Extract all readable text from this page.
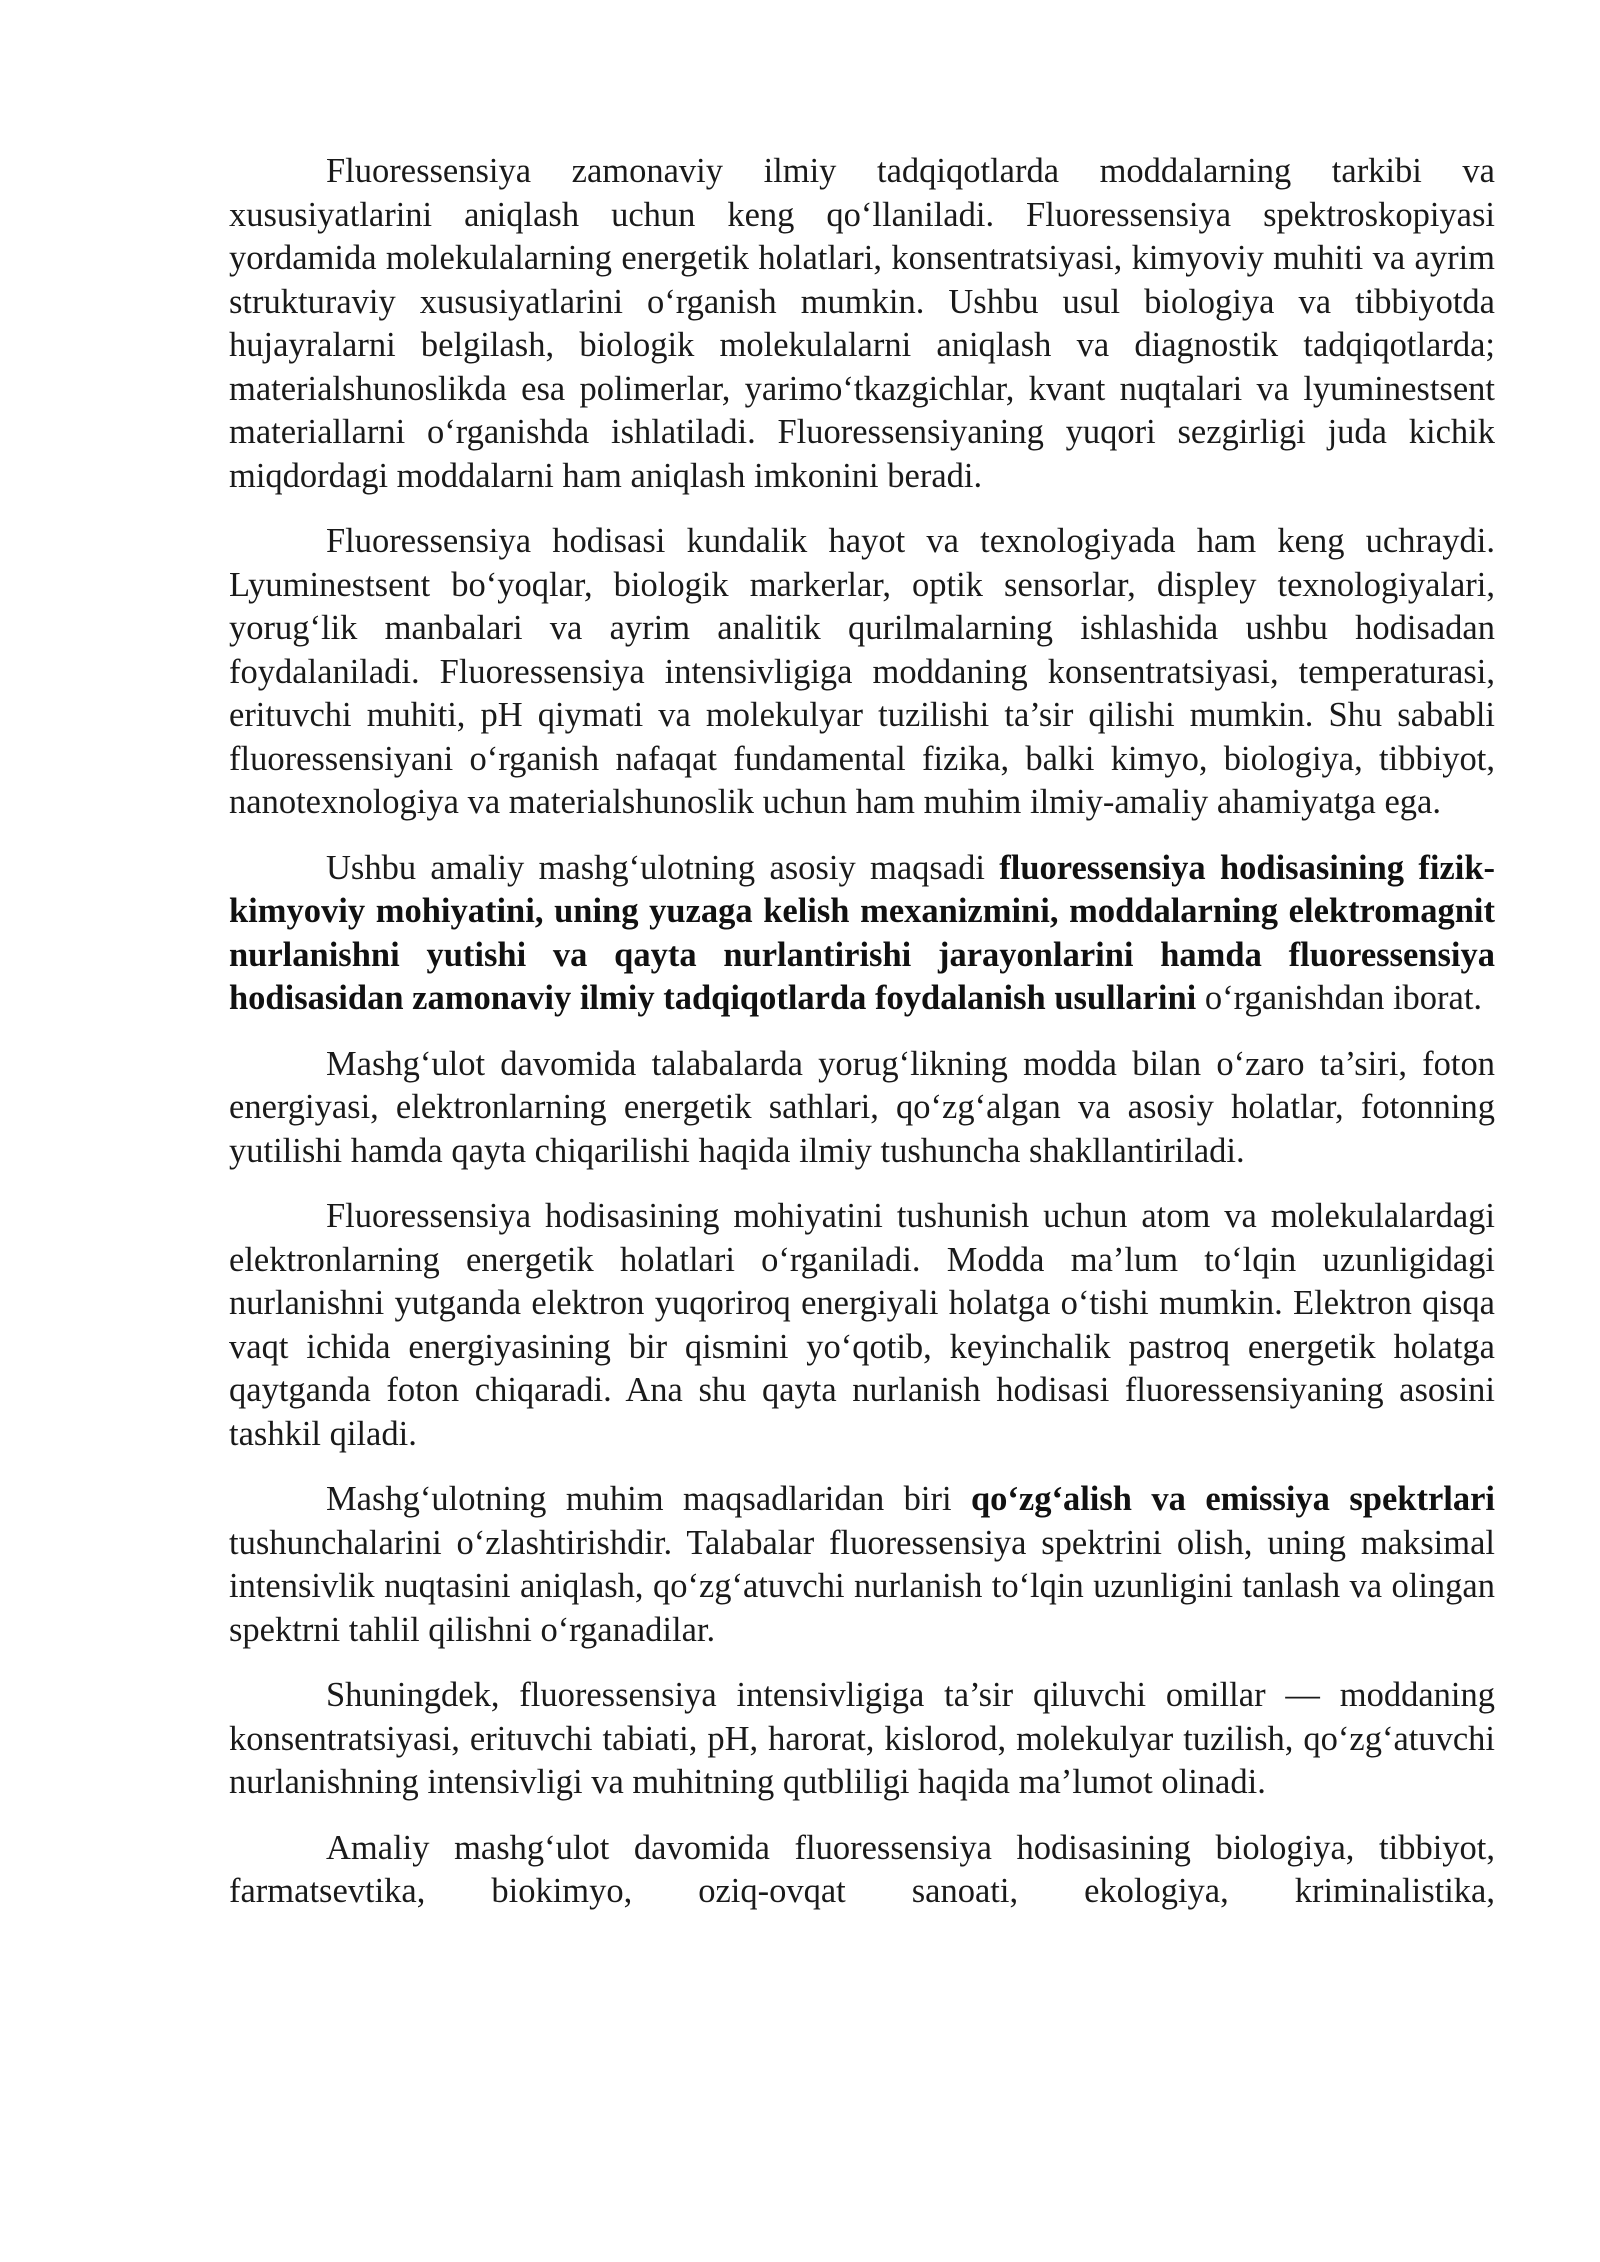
Fluoressensiya zamonaviy ilmiy tadqiqotlarda moddalarning tarkibi va xususiyatlarini aniqlash uchun keng qo‘llaniladi. Fluoressensiya spektroskopiyasi yordamida molekulalarning energetik holatlari, konsentratsiyasi, kimyoviy muhiti va ayrim strukturaviy xususiyatlarini o‘rganish mumkin. Ushbu usul biologiya va tibbiyotda hujayralarni belgilash, biologik molekulalarni aniqlash va diagnostik tadqiqotlarda; materialshunoslikda esa polimerlar, yarimo‘tkazgichlar, kvant nuqtalari va lyuminestsent materiallarni o‘rganishda ishlatiladi. Fluoressensiyaning yuqori sezgirligi juda kichik miqdordagi moddalarni ham aniqlash imkonini beradi.

Fluoressensiya hodisasi kundalik hayot va texnologiyada ham keng uchraydi. Lyuminestsent bo‘yoqlar, biologik markerlar, optik sensorlar, displey texnologiyalari, yorug‘lik manbalari va ayrim analitik qurilmalarning ishlashida ushbu hodisadan foydalaniladi. Fluoressensiya intensivligiga moddaning konsentratsiyasi, temperaturasi, erituvchi muhiti, pH qiymati va molekulyar tuzilishi ta’sir qilishi mumkin. Shu sababli fluoressensiyani o‘rganish nafaqat fundamental fizika, balki kimyo, biologiya, tibbiyot, nanotexnologiya va materialshunoslik uchun ham muhim ilmiy-amaliy ahamiyatga ega.

Ushbu amaliy mashg‘ulotning asosiy maqsadi fluoressensiya hodisasining fizik-kimyoviy mohiyatini, uning yuzaga kelish mexanizmini, moddalarning elektromagnit nurlanishni yutishi va qayta nurlantirishi jarayonlarini hamda fluoressensiya hodisasidan zamonaviy ilmiy tadqiqotlarda foydalanish usullarini o‘rganishdan iborat.

Mashg‘ulot davomida talabalarda yorug‘likning modda bilan o‘zaro ta’siri, foton energiyasi, elektronlarning energetik sathlari, qo‘zg‘algan va asosiy holatlar, fotonning yutilishi hamda qayta chiqarilishi haqida ilmiy tushuncha shakllantiriladi.

Fluoressensiya hodisasining mohiyatini tushunish uchun atom va molekulalardagi elektronlarning energetik holatlari o‘rganiladi. Modda ma’lum to‘lqin uzunligidagi nurlanishni yutganda elektron yuqoriroq energiyali holatga o‘tishi mumkin. Elektron qisqa vaqt ichida energiyasining bir qismini yo‘qotib, keyinchalik pastroq energetik holatga qaytganda foton chiqaradi. Ana shu qayta nurlanish hodisasi fluoressensiyaning asosini tashkil qiladi.

Mashg‘ulotning muhim maqsadlaridan biri qo‘zg‘alish va emissiya spektrlari tushunchalarini o‘zlashtirishdir. Talabalar fluoressensiya spektrini olish, uning maksimal intensivlik nuqtasini aniqlash, qo‘zg‘atuvchi nurlanish to‘lqin uzunligini tanlash va olingan spektrni tahlil qilishni o‘rganadilar.

Shuningdek, fluoressensiya intensivligiga ta’sir qiluvchi omillar — moddaning konsentratsiyasi, erituvchi tabiati, pH, harorat, kislorod, molekulyar tuzilish, qo‘zg‘atuvchi nurlanishning intensivligi va muhitning qutbliligi haqida ma’lumot olinadi.

Amaliy mashg‘ulot davomida fluoressensiya hodisasining biologiya, tibbiyot, farmatsevtika, biokimyo, oziq-ovqat sanoati, ekologiya, kriminalistika,
